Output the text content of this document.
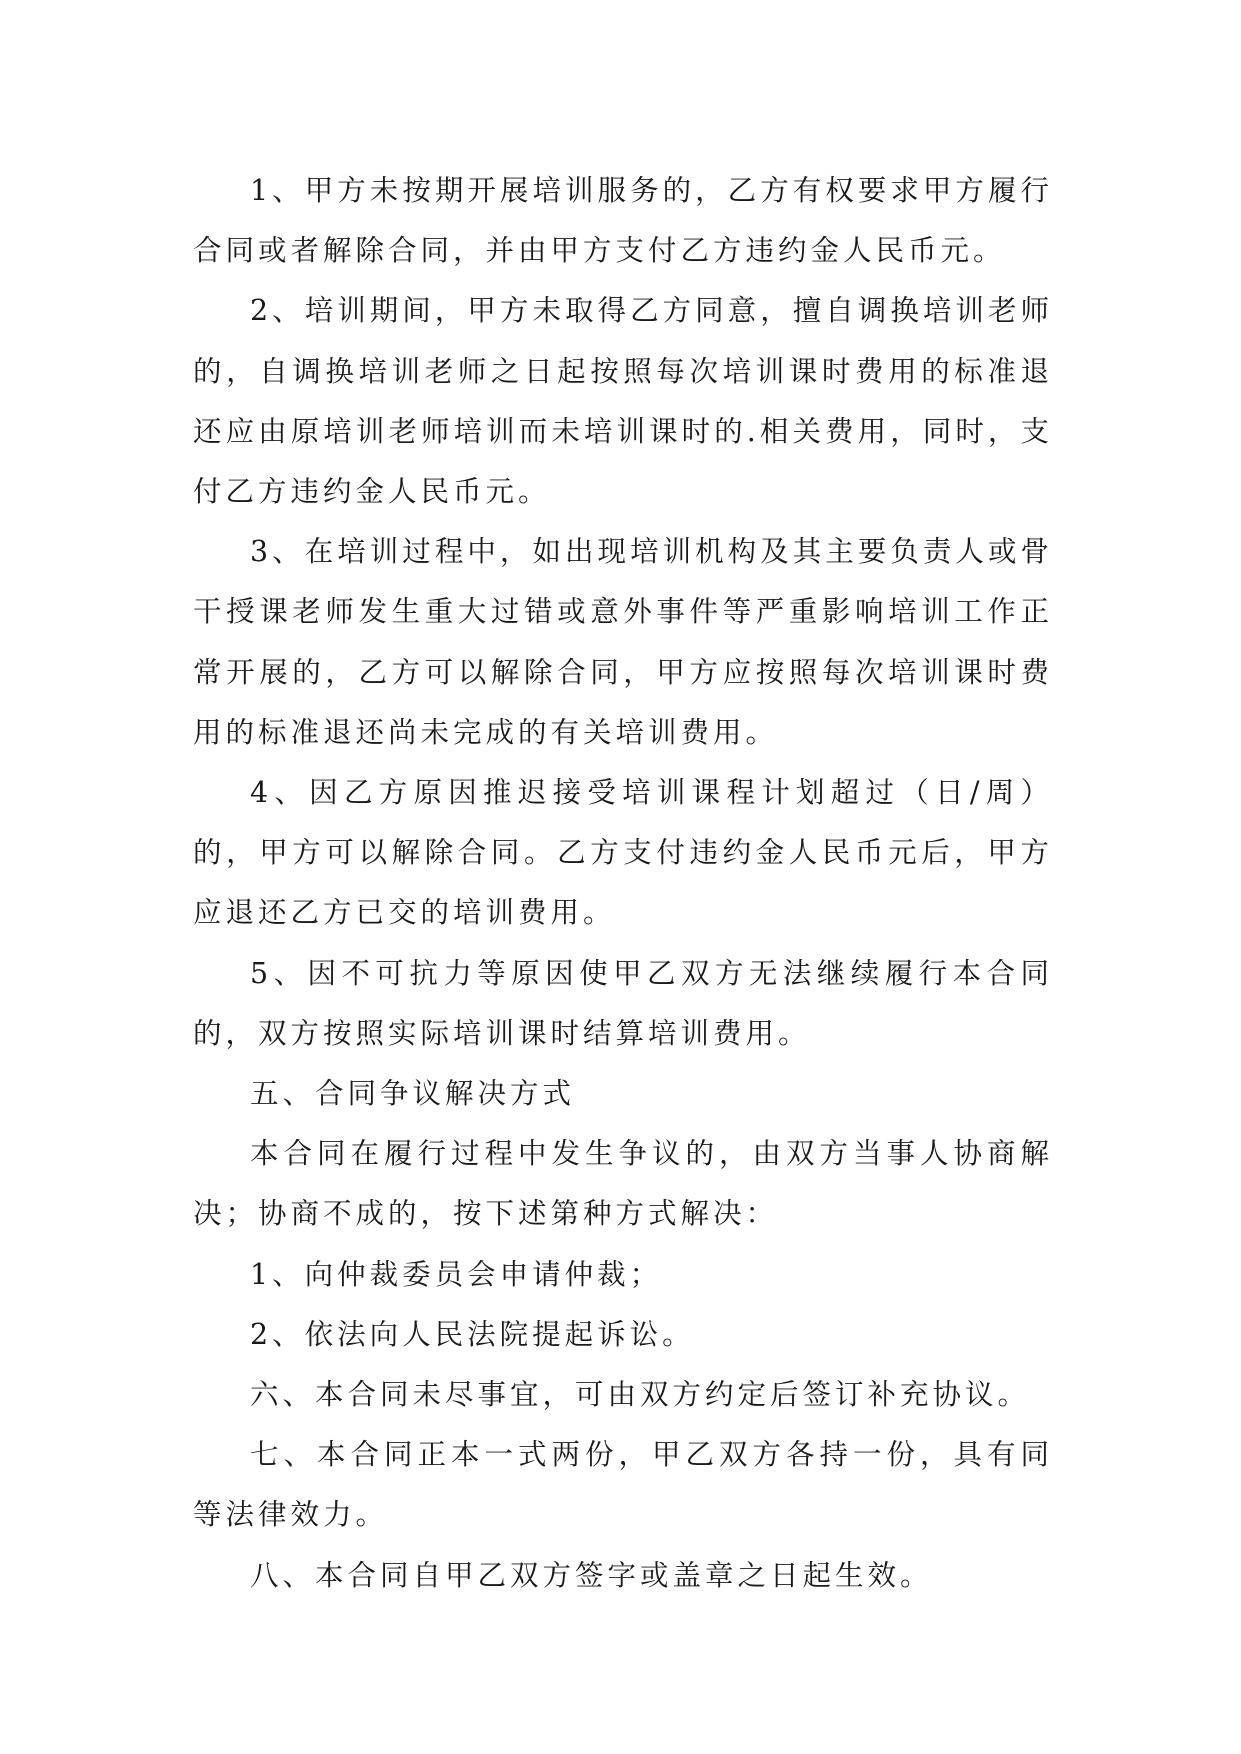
1、甲方未按期开展培训服务的，乙方有权要求甲方履行合同或者解除合同，并由甲方支付乙方违约金人民币元。

2、培训期间，甲方未取得乙方同意，擅自调换培训老师的，自调换培训老师之日起按照每次培训课时费用的标准退还应由原培训老师培训而未培训课时的.相关费用，同时，支付乙方违约金人民币元。

3、在培训过程中，如出现培训机构及其主要负责人或骨干授课老师发生重大过错或意外事件等严重影响培训工作正常开展的，乙方可以解除合同，甲方应按照每次培训课时费用的标准退还尚未完成的有关培训费用。

4、因乙方原因推迟接受培训课程计划超过（日/周）的，甲方可以解除合同。乙方支付违约金人民币元后，甲方应退还乙方已交的培训费用。

5、因不可抗力等原因使甲乙双方无法继续履行本合同的，双方按照实际培训课时结算培训费用。

五、合同争议解决方式

本合同在履行过程中发生争议的，由双方当事人协商解决；协商不成的，按下述第种方式解决：

1、向仲裁委员会申请仲裁；

2、依法向人民法院提起诉讼。

六、本合同未尽事宜，可由双方约定后签订补充协议。

七、本合同正本一式两份，甲乙双方各持一份，具有同等法律效力。

八、本合同自甲乙双方签字或盖章之日起生效。
